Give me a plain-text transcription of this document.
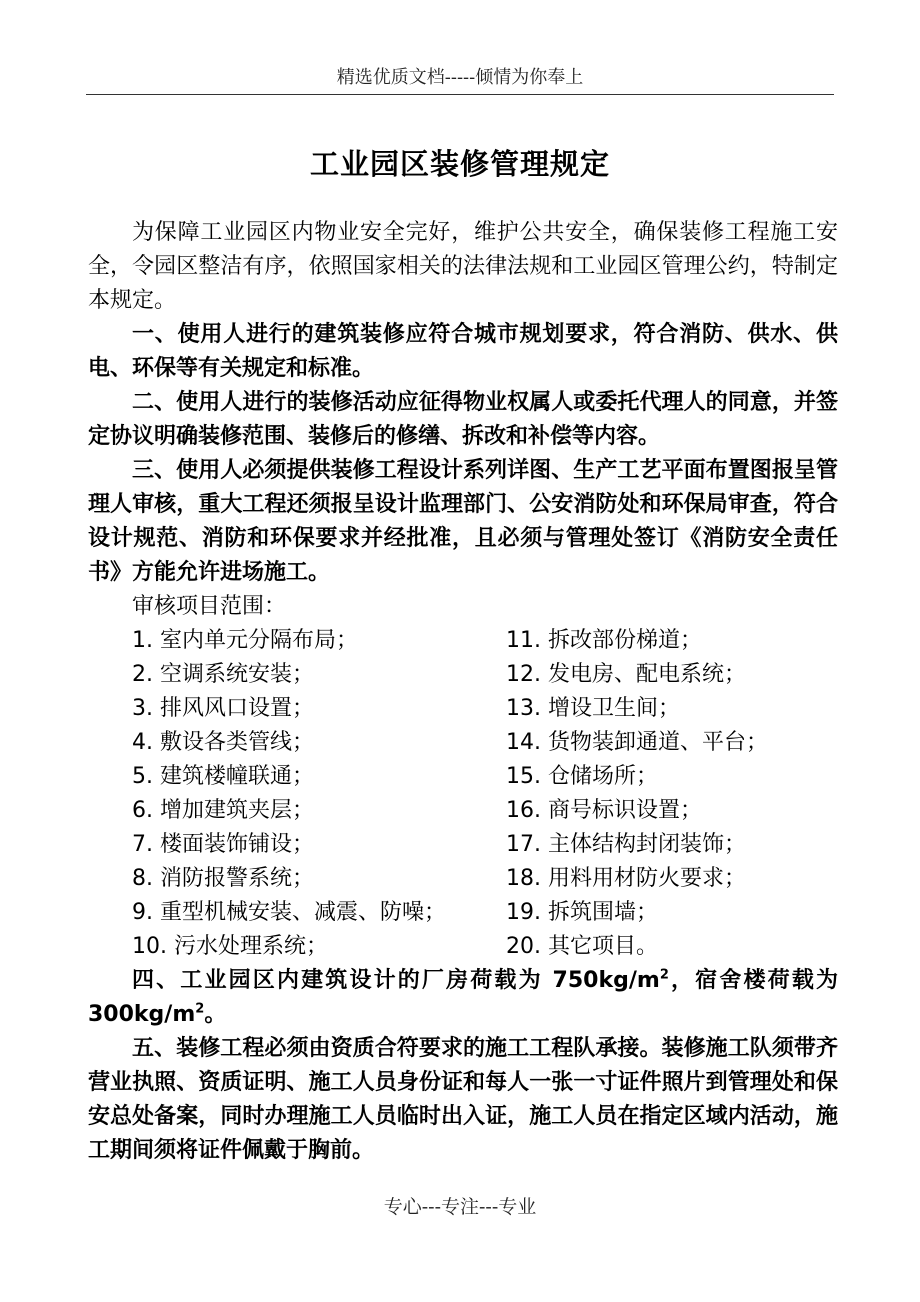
精选优质文档-----倾情为你奉上
工业园区装修管理规定

为保障工业园区内物业安全完好，维护公共安全，确保装修工程施工安全，令园区整洁有序，依照国家相关的法律法规和工业园区管理公约，特制定本规定。

一、使用人进行的建筑装修应符合城市规划要求，符合消防、供水、供电、环保等有关规定和标准。

二、使用人进行的装修活动应征得物业权属人或委托代理人的同意，并签定协议明确装修范围、装修后的修缮、拆改和补偿等内容。

三、使用人必须提供装修工程设计系列详图、生产工艺平面布置图报呈管理人审核，重大工程还须报呈设计监理部门、公安消防处和环保局审查，符合设计规范、消防和环保要求并经批准，且必须与管理处签订《消防安全责任书》方能允许进场施工。

审核项目范围：
1. 室内单元分隔布局；	11. 拆改部份梯道；
2. 空调系统安装；	12. 发电房、配电系统；
3. 排风风口设置；	13. 增设卫生间；
4. 敷设各类管线；	14. 货物装卸通道、平台；
5. 建筑楼幢联通；	15. 仓储场所；
6. 增加建筑夹层；	16. 商号标识设置；
7. 楼面装饰铺设；	17. 主体结构封闭装饰；
8. 消防报警系统；	18. 用料用材防火要求；
9. 重型机械安装、减震、防噪；	19. 拆筑围墙；
10. 污水处理系统；	20. 其它项目。

四、工业园区内建筑设计的厂房荷载为 $750kg/m^2$，宿舍楼荷载为 $300kg/m^2$。

五、装修工程必须由资质合符要求的施工工程队承接。装修施工队须带齐营业执照、资质证明、施工人员身份证和每人一张一寸证件照片到管理处和保安总处备案，同时办理施工人员临时出入证，施工人员在指定区域内活动，施工期间须将证件佩戴于胸前。

专心---专注---专业
